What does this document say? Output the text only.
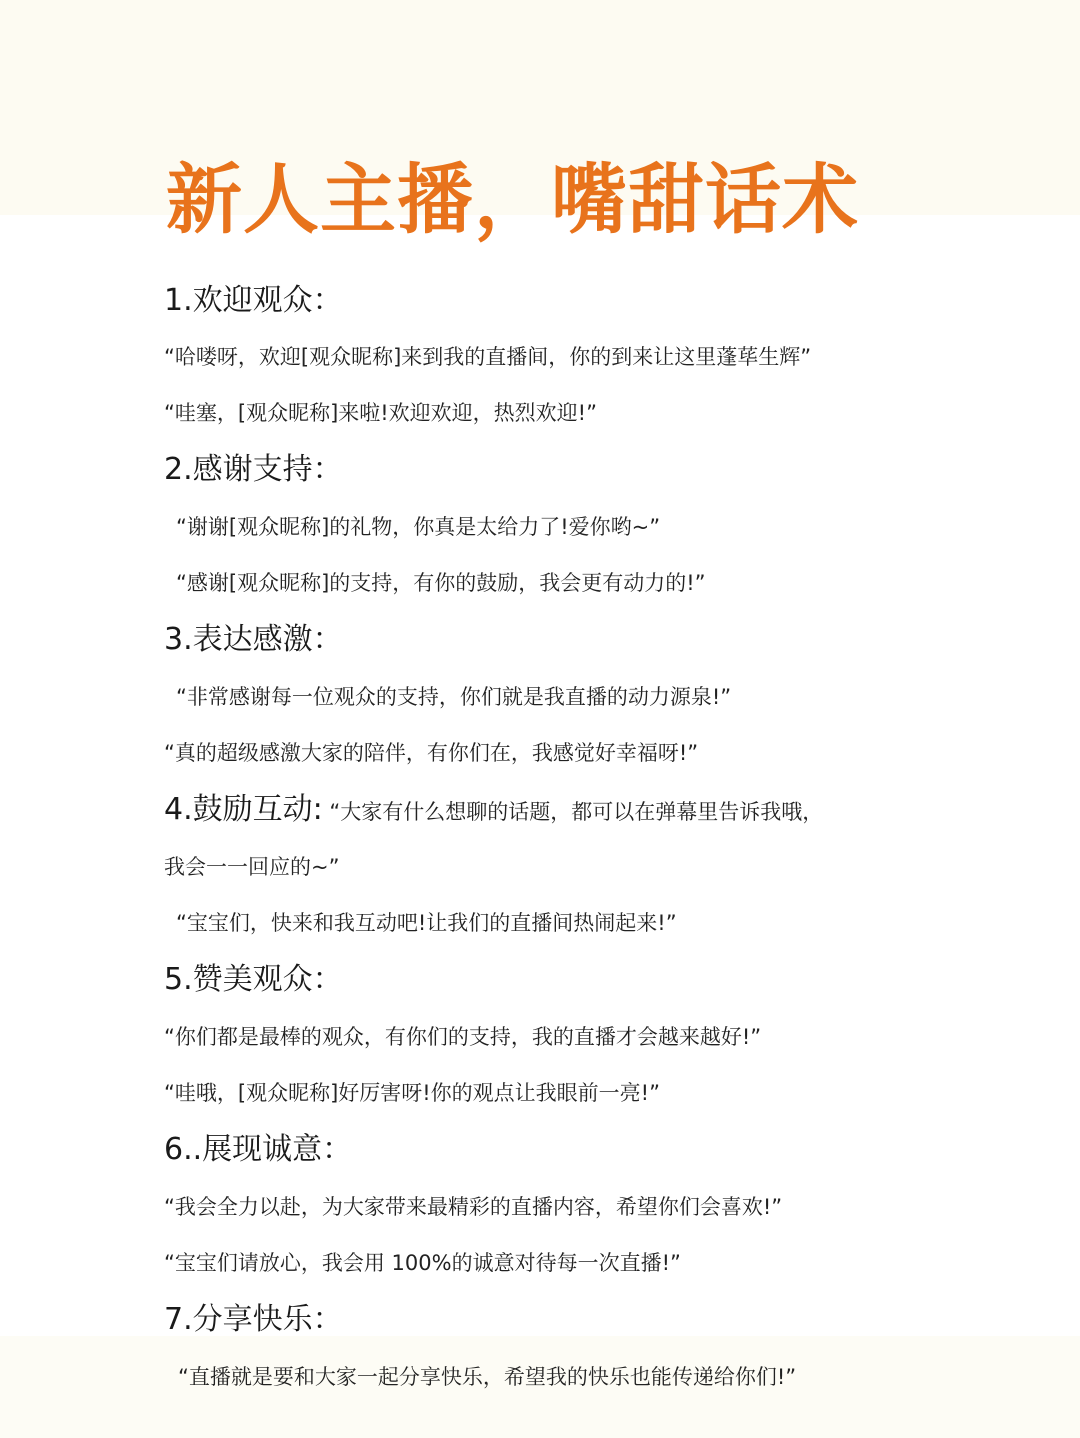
新人主播，嘴甜话术
1.欢迎观众：
“哈喽呀，欢迎[观众昵称]来到我的直播间，你的到来让这里蓬荜生辉”
“哇塞，[观众昵称]来啦!欢迎欢迎，热烈欢迎!”
2.感谢支持：
“谢谢[观众昵称]的礼物，你真是太给力了!爱你哟~”
“感谢[观众昵称]的支持，有你的鼓励，我会更有动力的!”
3.表达感激：
“非常感谢每一位观众的支持，你们就是我直播的动力源泉!”
“真的超级感激大家的陪伴，有你们在，我感觉好幸福呀!”
4.鼓励互动: “大家有什么想聊的话题，都可以在弹幕里告诉我哦，
我会一一回应的~”
“宝宝们，快来和我互动吧!让我们的直播间热闹起来!”
5.赞美观众：
“你们都是最棒的观众，有你们的支持，我的直播才会越来越好!”
“哇哦，[观众昵称]好厉害呀!你的观点让我眼前一亮!”
6..展现诚意：
“我会全力以赴，为大家带来最精彩的直播内容，希望你们会喜欢!”
“宝宝们请放心，我会用 100%的诚意对待每一次直播!”
7.分享快乐：
“直播就是要和大家一起分享快乐，希望我的快乐也能传递给你们!”
